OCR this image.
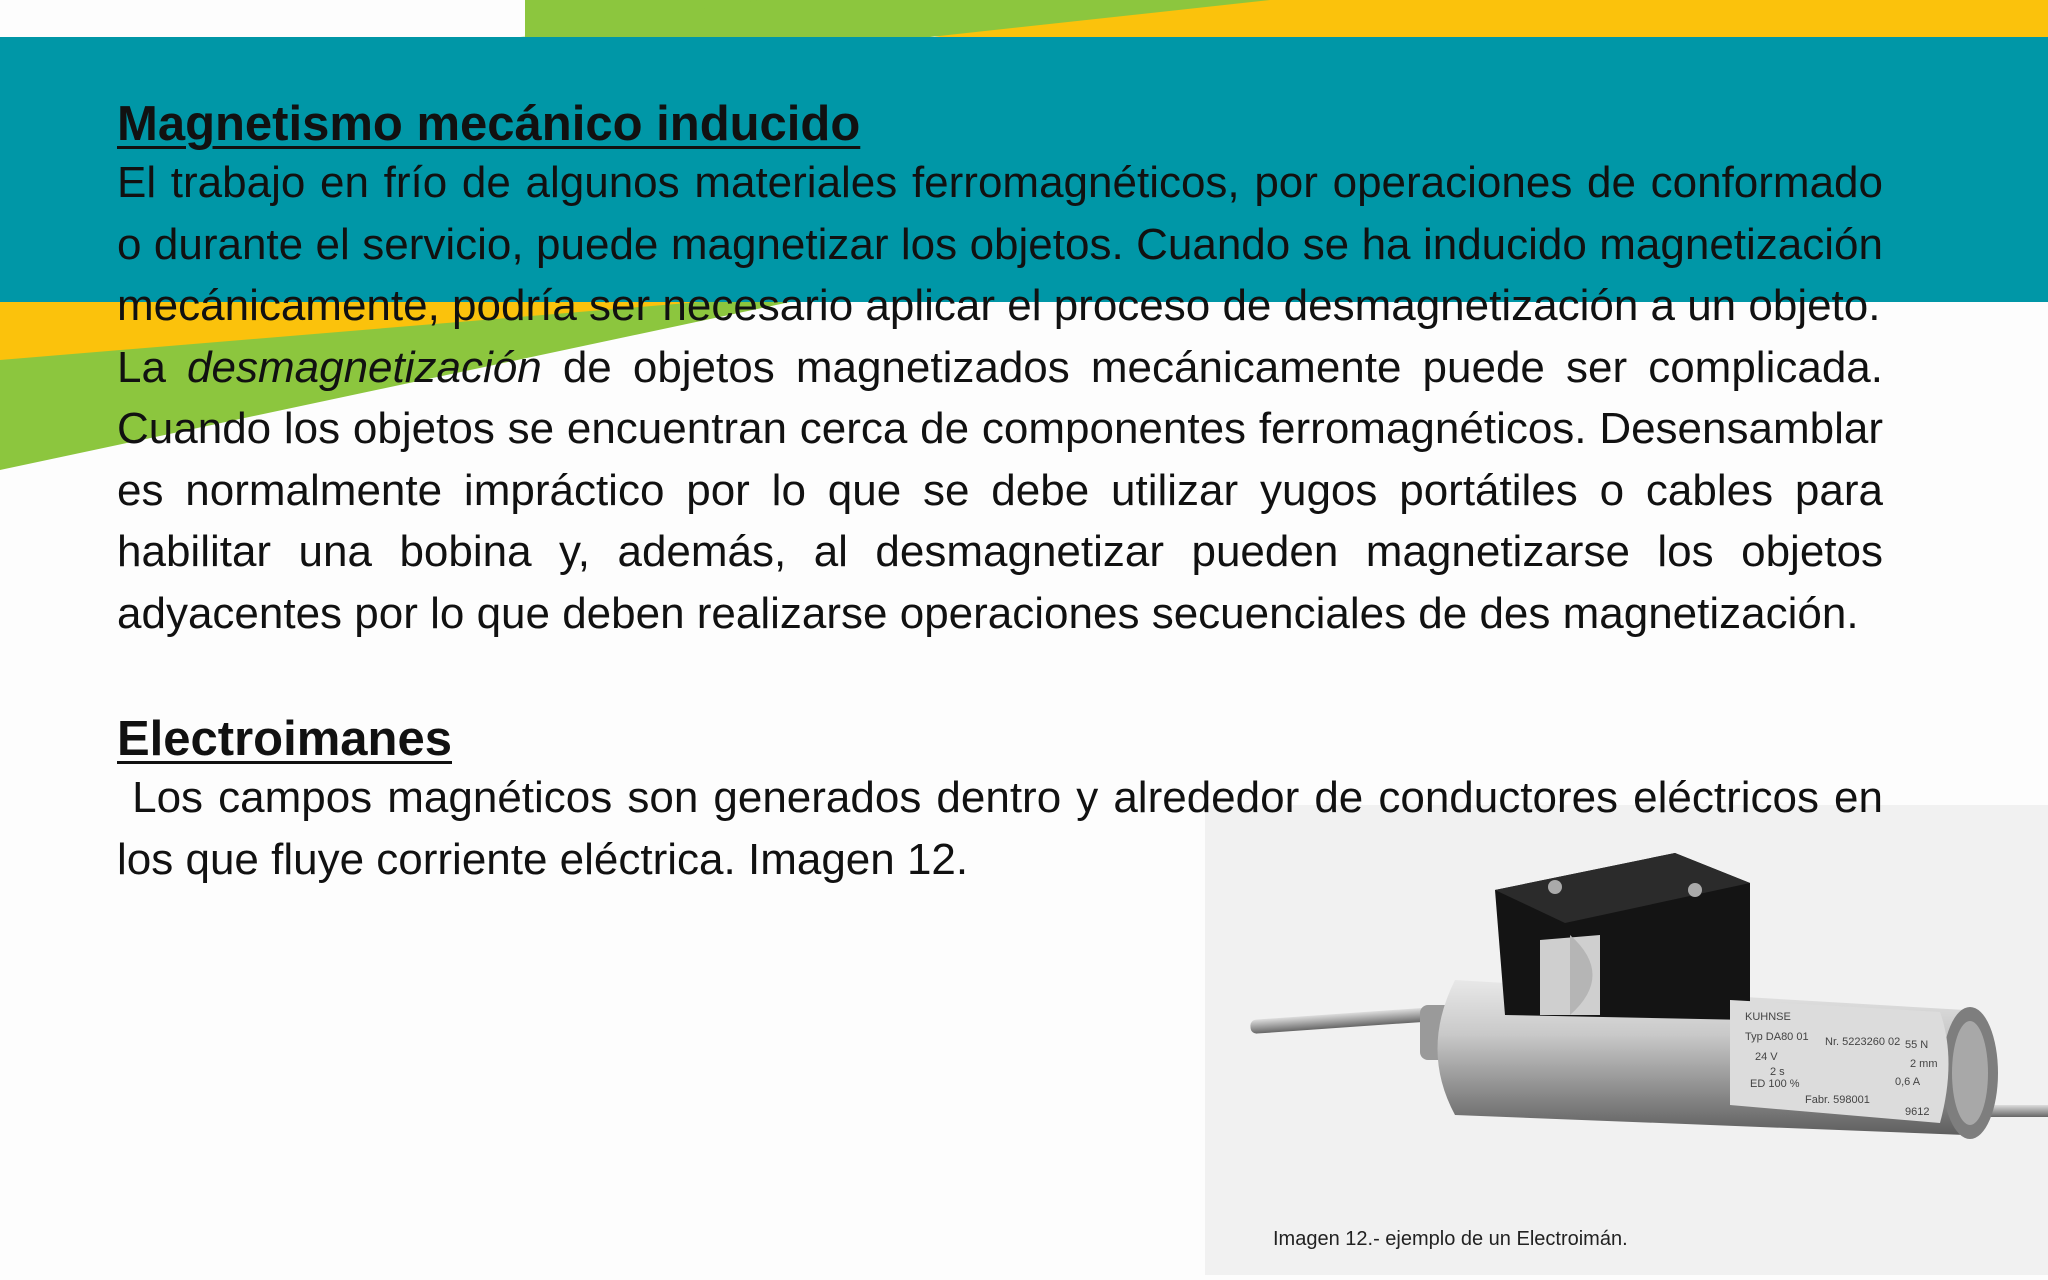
KUHNSE
Typ DA80 01 Nr. 5223260 02
24 V
2 s
ED 100 %
Fabr. 598001
55 N
2 mm
0,6 A
9612
Imagen 12.- ejemplo de un Electroimán.
Magnetismo mecánico inducido

El trabajo en frío de algunos materiales ferromagnéticos, por operaciones de conformado o durante el servicio, puede magnetizar los objetos. Cuando se ha inducido magnetización mecánicamente, podría ser necesario aplicar el proceso de desmagnetización a un objeto.

La desmagnetización de objetos magnetizados mecánicamente puede ser complicada. Cuando los objetos se encuentran cerca de componentes ferromagnéticos. Desensamblar es normalmente impráctico por lo que se debe utilizar yugos portátiles o cables para habilitar una bobina y, además, al desmagnetizar pueden magnetizarse los objetos adyacentes por lo que deben realizarse operaciones secuenciales de des magnetización.

Electroimanes

Los campos magnéticos son generados dentro y alrededor de conductores eléctricos en los que fluye corriente eléctrica. Imagen 12.
